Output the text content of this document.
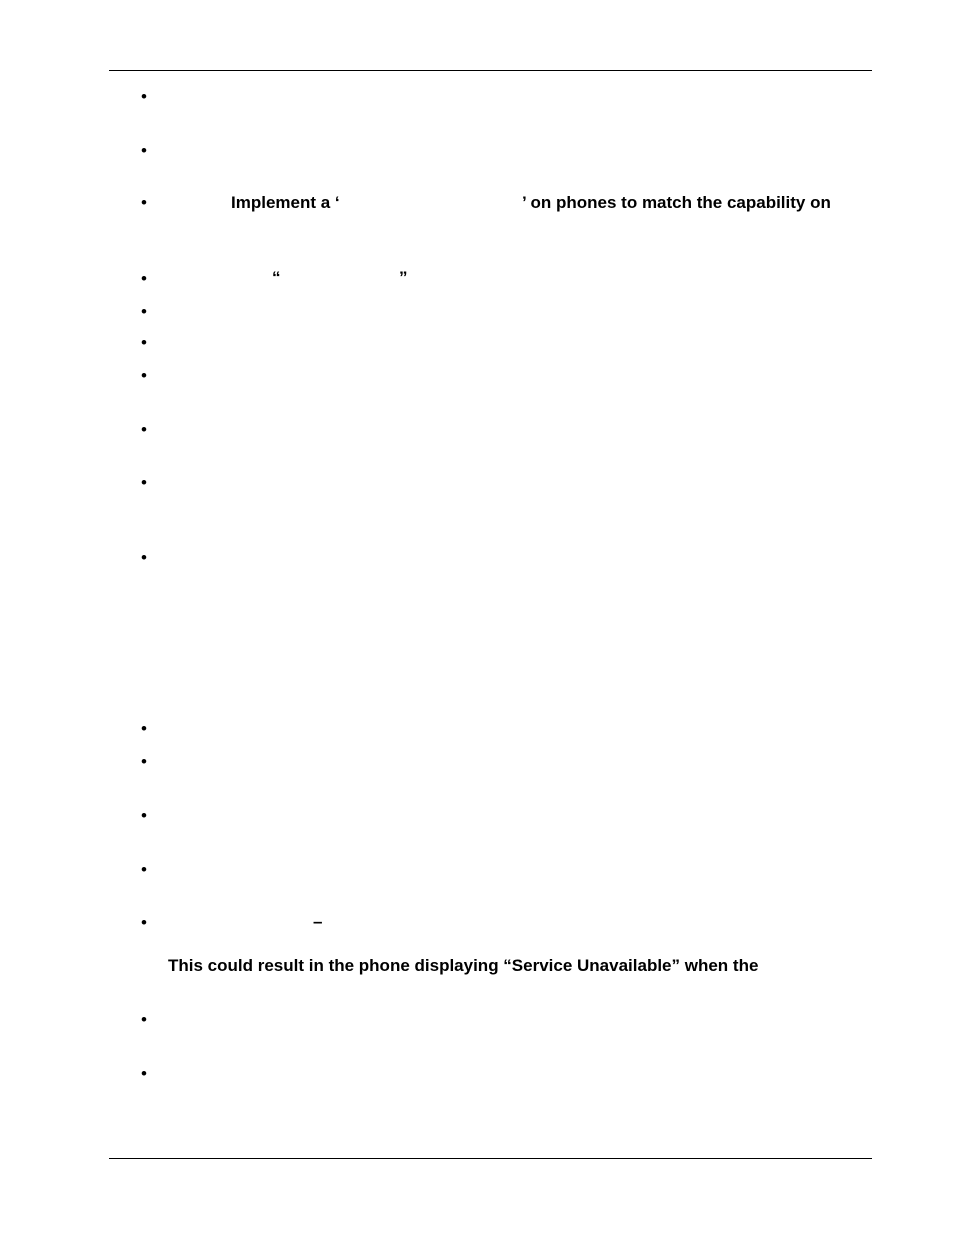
•
•
•
•
•
•
•
•
•
•
•
•
•
•
•
•
•
Implement a ‘	’ on phones to match the capability on
“	”
–
This could result in the phone displaying “Service Unavailable” when the
